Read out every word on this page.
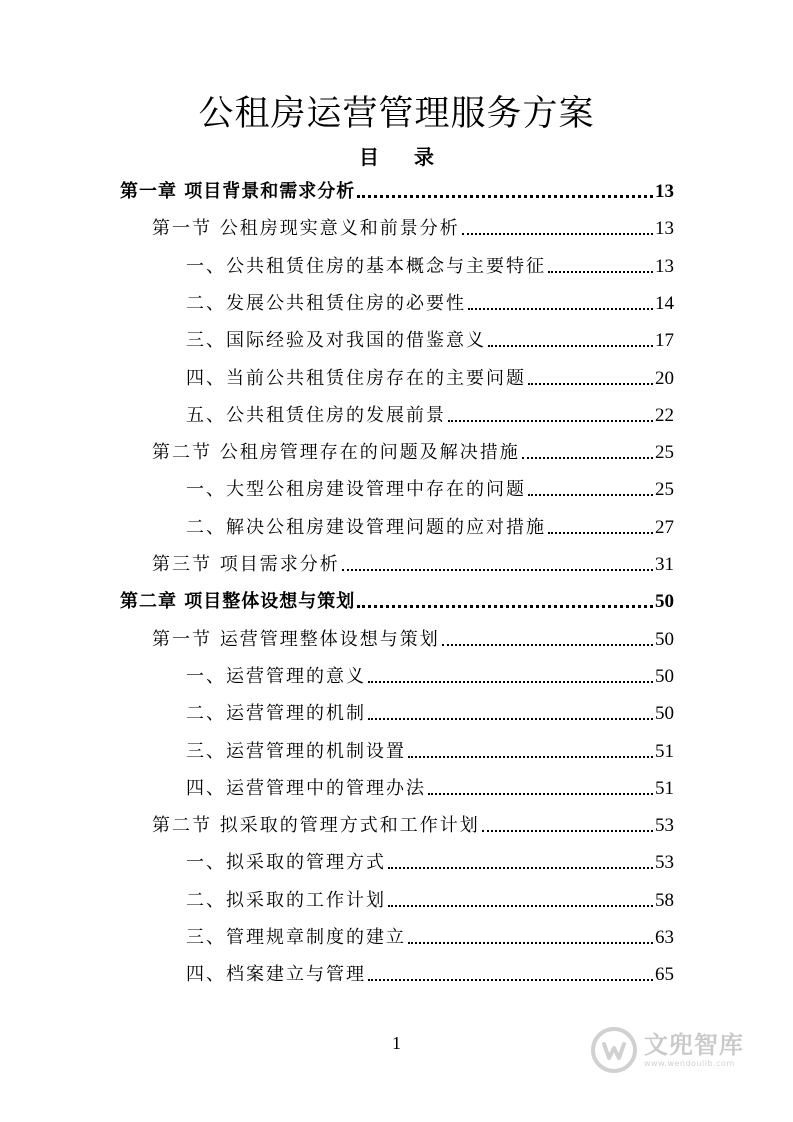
公租房运营管理服务方案
目 录
第一章 项目背景和需求分析	13
第一节 公租房现实意义和前景分析	13
一、公共租赁住房的基本概念与主要特征	13
二、发展公共租赁住房的必要性	14
三、国际经验及对我国的借鉴意义	17
四、当前公共租赁住房存在的主要问题	20
五、公共租赁住房的发展前景	22
第二节 公租房管理存在的问题及解决措施	25
一、大型公租房建设管理中存在的问题	25
二、解决公租房建设管理问题的应对措施	27
第三节 项目需求分析	31
第二章 项目整体设想与策划	50
第一节 运营管理整体设想与策划	50
一、运营管理的意义	50
二、运营管理的机制	50
三、运营管理的机制设置	51
四、运营管理中的管理办法	51
第二节 拟采取的管理方式和工作计划	53
一、拟采取的管理方式	53
二、拟采取的工作计划	58
三、管理规章制度的建立	63
四、档案建立与管理	65
1	文兜智库
www.wendoulib.com
